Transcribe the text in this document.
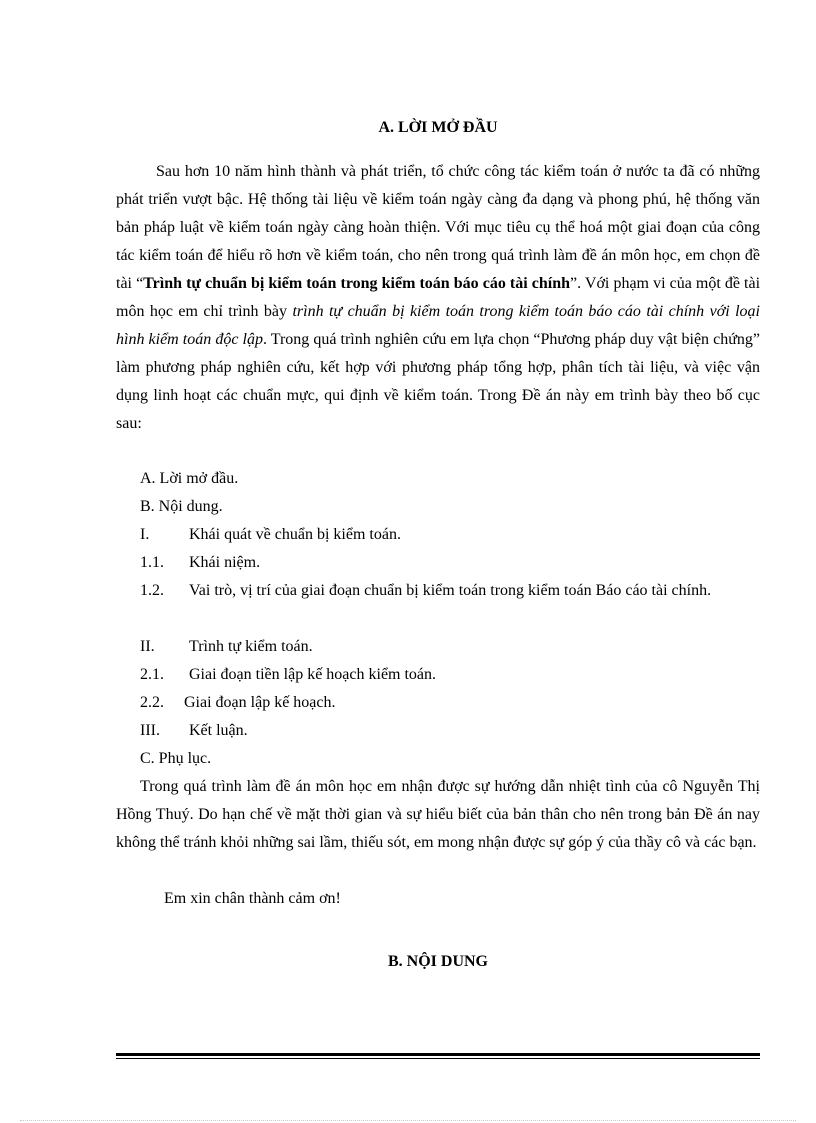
A. LỜI MỞ ĐẦU

Sau hơn 10 năm hình thành và phát triển, tổ chức công tác kiểm toán ở nước ta đã có những phát triển vượt bậc. Hệ thống tài liệu về kiểm toán ngày càng đa dạng và phong phú, hệ thống văn bản pháp luật về kiểm toán ngày càng hoàn thiện. Với mục tiêu cụ thể hoá một giai đoạn của công tác kiểm toán để hiểu rõ hơn về kiểm toán, cho nên trong quá trình làm đề án môn học, em chọn đề tài “Trình tự chuẩn bị kiểm toán trong kiểm toán báo cáo tài chính”. Với phạm vi của một đề tài môn học em chỉ trình bày trình tự chuẩn bị kiểm toán trong kiểm toán báo cáo tài chính với loại hình kiểm toán độc lập. Trong quá trình nghiên cứu em lựa chọn “Phương pháp duy vật biện chứng” làm phương pháp nghiên cứu, kết hợp với phương pháp tổng hợp, phân tích tài liệu, và việc vận dụng linh hoạt các chuẩn mực, qui định về kiểm toán. Trong Đề án này em trình bày theo bố cục sau:

A. Lời mở đầu.
B. Nội dung.
I. Khái quát về chuẩn bị kiểm toán.
1.1. Khái niệm.
1.2. Vai trò, vị trí của giai đoạn chuẩn bị kiểm toán trong kiểm toán Báo cáo tài chính.
II. Trình tự kiểm toán.
2.1. Giai đoạn tiền lập kế hoạch kiểm toán.
2.2. Giai đoạn lập kế hoạch.
III. Kết luận.
C. Phụ lục.

Trong quá trình làm đề án môn học em nhận được sự hướng dẫn nhiệt tình của cô Nguyễn Thị Hồng Thuý. Do hạn chế về mặt thời gian và sự hiểu biết của bản thân cho nên trong bản Đề án nay không thể tránh khỏi những sai lầm, thiếu sót, em mong nhận được sự góp ý của thầy cô và các bạn.

Em xin chân thành cảm ơn!
B. NỘI DUNG
